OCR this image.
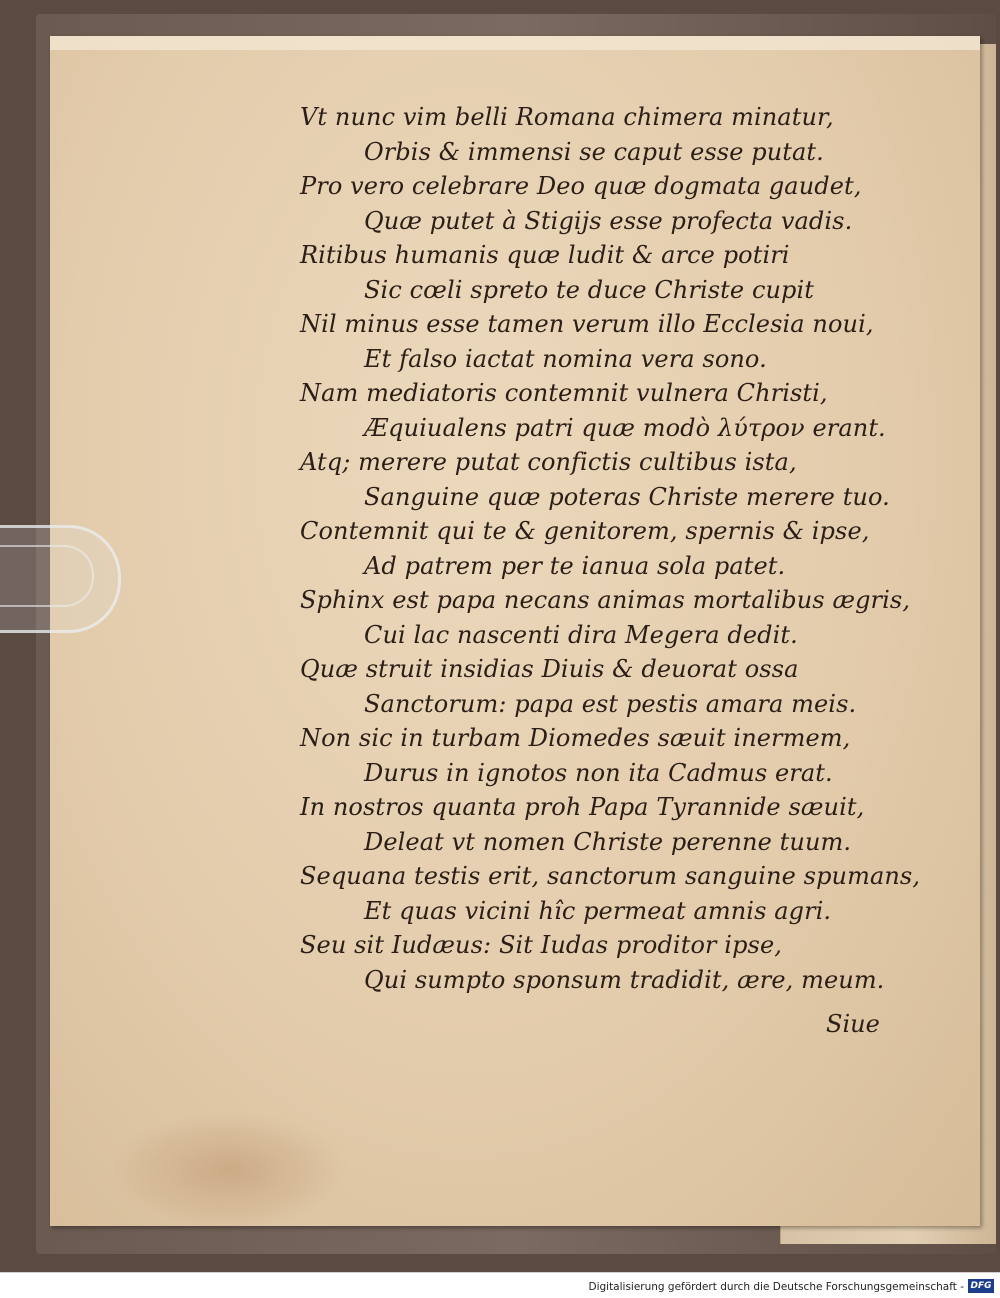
Vt nunc vim belli Romana chimera minatur,
Orbis & immensi se caput esse putat.
Pro vero celebrare Deo quæ dogmata gaudet,
Quæ putet à Stigijs esse profecta vadis.
Ritibus humanis quæ ludit & arce potiri
Sic cœli spreto te duce Christe cupit
Nil minus esse tamen verum illo Ecclesia noui,
Et falso iactat nomina vera sono.
Nam mediatoris contemnit vulnera Christi,
Æquiualens patri quæ modò λύτρον erant.
Atq; merere putat confictis cultibus ista,
Sanguine quæ poteras Christe merere tuo.
Contemnit qui te & genitorem, spernis & ipse,
Ad patrem per te ianua sola patet.
Sphinx est papa necans animas mortalibus ægris,
Cui lac nascenti dira Megera dedit.
Quæ struit insidias Diuis & deuorat ossa
Sanctorum: papa est pestis amara meis.
Non sic in turbam Diomedes sæuit inermem,
Durus in ignotos non ita Cadmus erat.
In nostros quanta proh Papa Tyrannide sæuit,
Deleat vt nomen Christe perenne tuum.
Sequana testis erit, sanctorum sanguine spumans,
Et quas vicini hîc permeat amnis agri.
Seu sit Iudæus: Sit Iudas proditor ipse,
Qui sumpto sponsum tradidit, ære, meum.
Siue
Digitalisierung gefördert durch die Deutsche Forschungsgemeinschaft - DFG
